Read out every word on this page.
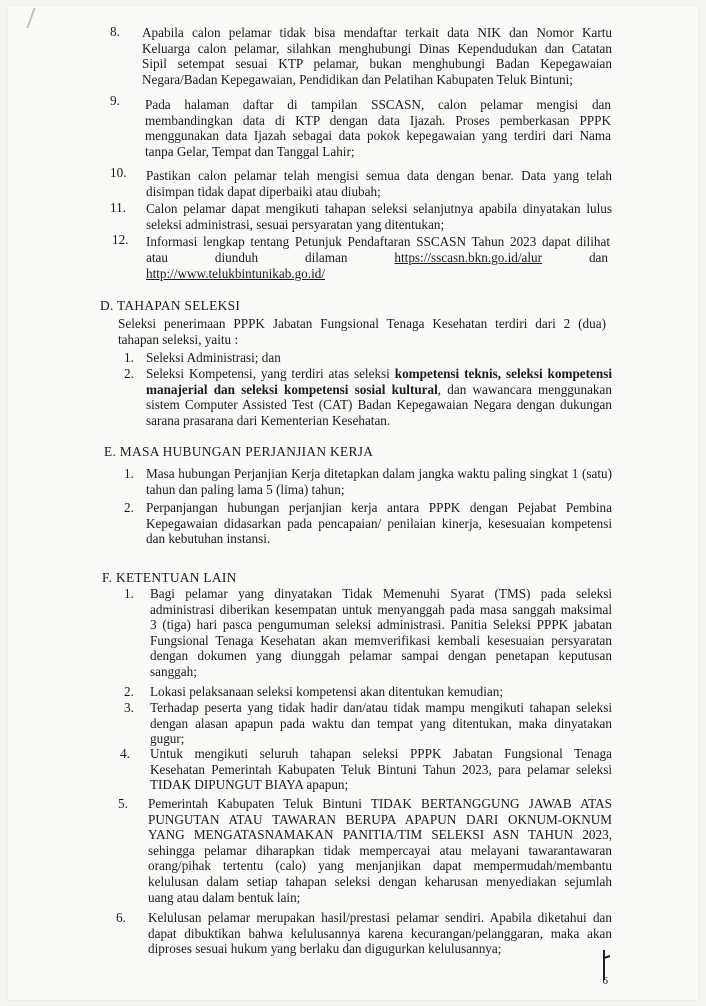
8. Apabila calon pelamar tidak bisa mendaftar terkait data NIK dan Nomor Kartu
Keluarga calon pelamar, silahkan menghubungi Dinas Kependudukan dan Catatan
Sipil setempat sesuai KTP pelamar, bukan menghubungi Badan Kepegawaian
Negara/Badan Kepegawaian, Pendidikan dan Pelatihan Kabupaten Teluk Bintuni;
9. Pada halaman daftar di tampilan SSCASN, calon pelamar mengisi dan
membandingkan data di KTP dengan data Ijazah. Proses pemberkasan PPPK
menggunakan data Ijazah sebagai data pokok kepegawaian yang terdiri dari Nama
tanpa Gelar, Tempat dan Tanggal Lahir;
10. Pastikan calon pelamar telah mengisi semua data dengan benar. Data yang telah
disimpan tidak dapat diperbaiki atau diubah;
11. Calon pelamar dapat mengikuti tahapan seleksi selanjutnya apabila dinyatakan lulus
seleksi administrasi, sesuai persyaratan yang ditentukan;
12. Informasi lengkap tentang Petunjuk Pendaftaran SSCASN Tahun 2023 dapat dilihat
atau	diunduh	dilaman	https://sscasn.bkn.go.id/alur	dan
http://www.telukbintunikab.go.id/
D. TAHAPAN SELEKSI
Seleksi penerimaan PPPK Jabatan Fungsional Tenaga Kesehatan terdiri dari 2 (dua)
tahapan seleksi, yaitu :
1. Seleksi Administrasi; dan
2. Seleksi Kompetensi, yang terdiri atas seleksi kompetensi teknis, seleksi kompetensi
manajerial dan seleksi kompetensi sosial kultural, dan wawancara menggunakan
sistem Computer Assisted Test (CAT) Badan Kepegawaian Negara dengan dukungan
sarana prasarana dari Kementerian Kesehatan.
E. MASA HUBUNGAN PERJANJIAN KERJA
1. Masa hubungan Perjanjian Kerja ditetapkan dalam jangka waktu paling singkat 1 (satu)
tahun dan paling lama 5 (lima) tahun;
2. Perpanjangan hubungan perjanjian kerja antara PPPK dengan Pejabat Pembina
Kepegawaian didasarkan pada pencapaian/ penilaian kinerja, kesesuaian kompetensi
dan kebutuhan instansi.
F. KETENTUAN LAIN
1. Bagi pelamar yang dinyatakan Tidak Memenuhi Syarat (TMS) pada seleksi
administrasi diberikan kesempatan untuk menyanggah pada masa sanggah maksimal
3 (tiga) hari pasca pengumuman seleksi administrasi. Panitia Seleksi PPPK jabatan
Fungsional Tenaga Kesehatan akan memverifikasi kembali kesesuaian persyaratan
dengan dokumen yang diunggah pelamar sampai dengan penetapan keputusan
sanggah;
2. Lokasi pelaksanaan seleksi kompetensi akan ditentukan kemudian;
3. Terhadap peserta yang tidak hadir dan/atau tidak mampu mengikuti tahapan seleksi
dengan alasan apapun pada waktu dan tempat yang ditentukan, maka dinyatakan
gugur;
4. Untuk mengikuti seluruh tahapan seleksi PPPK Jabatan Fungsional Tenaga
Kesehatan Pemerintah Kabupaten Teluk Bintuni Tahun 2023, para pelamar seleksi
TIDAK DIPUNGUT BIAYA apapun;
5. Pemerintah Kabupaten Teluk Bintuni TIDAK BERTANGGUNG JAWAB ATAS
PUNGUTAN ATAU TAWARAN BERUPA APAPUN DARI OKNUM-OKNUM
YANG MENGATASNAMAKAN PANITIA/TIM SELEKSI ASN TAHUN 2023,
sehingga pelamar diharapkan tidak mempercayai atau melayani tawarantawaran
orang/pihak tertentu (calo) yang menjanjikan dapat mempermudah/membantu
kelulusan dalam setiap tahapan seleksi dengan keharusan menyediakan sejumlah
uang atau dalam bentuk lain;
6. Kelulusan pelamar merupakan hasil/prestasi pelamar sendiri. Apabila diketahui dan
dapat dibuktikan bahwa kelulusannya karena kecurangan/pelanggaran, maka akan
diproses sesuai hukum yang berlaku dan digugurkan kelulusannya;
6
